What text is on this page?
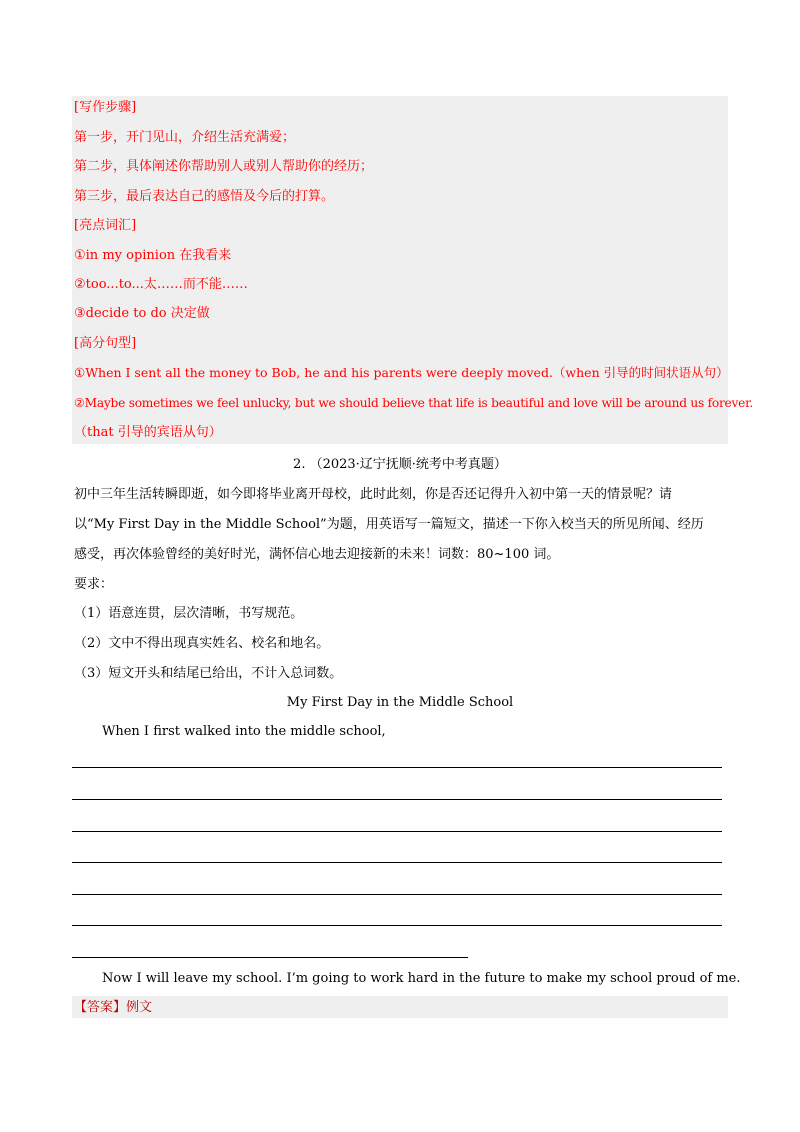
[写作步骤]
第一步，开门见山，介绍生活充满爱；
第二步，具体阐述你帮助别人或别人帮助你的经历；
第三步，最后表达自己的感悟及今后的打算。
[亮点词汇]
①in my opinion 在我看来
②too...to...太……而不能……
③decide to do 决定做
[高分句型]
①When I sent all the money to Bob, he and his parents were deeply moved.（when 引导的时间状语从句）
②Maybe sometimes we feel unlucky, but we should believe that life is beautiful and love will be around us forever.
（that 引导的宾语从句）
2. （2023·辽宁抚顺·统考中考真题）
初中三年生活转瞬即逝，如今即将毕业离开母校，此时此刻，你是否还记得升入初中第一天的情景呢？请
以“My First Day in the Middle School”为题，用英语写一篇短文，描述一下你入校当天的所见所闻、经历
感受，再次体验曾经的美好时光，满怀信心地去迎接新的未来！词数：80~100 词。
要求：
（1）语意连贯，层次清晰，书写规范。
（2）文中不得出现真实姓名、校名和地名。
（3）短文开头和结尾已给出，不计入总词数。
My First Day in the Middle School
When I first walked into the middle school,
Now I will leave my school. I’m going to work hard in the future to make my school proud of me.
【答案】例文
